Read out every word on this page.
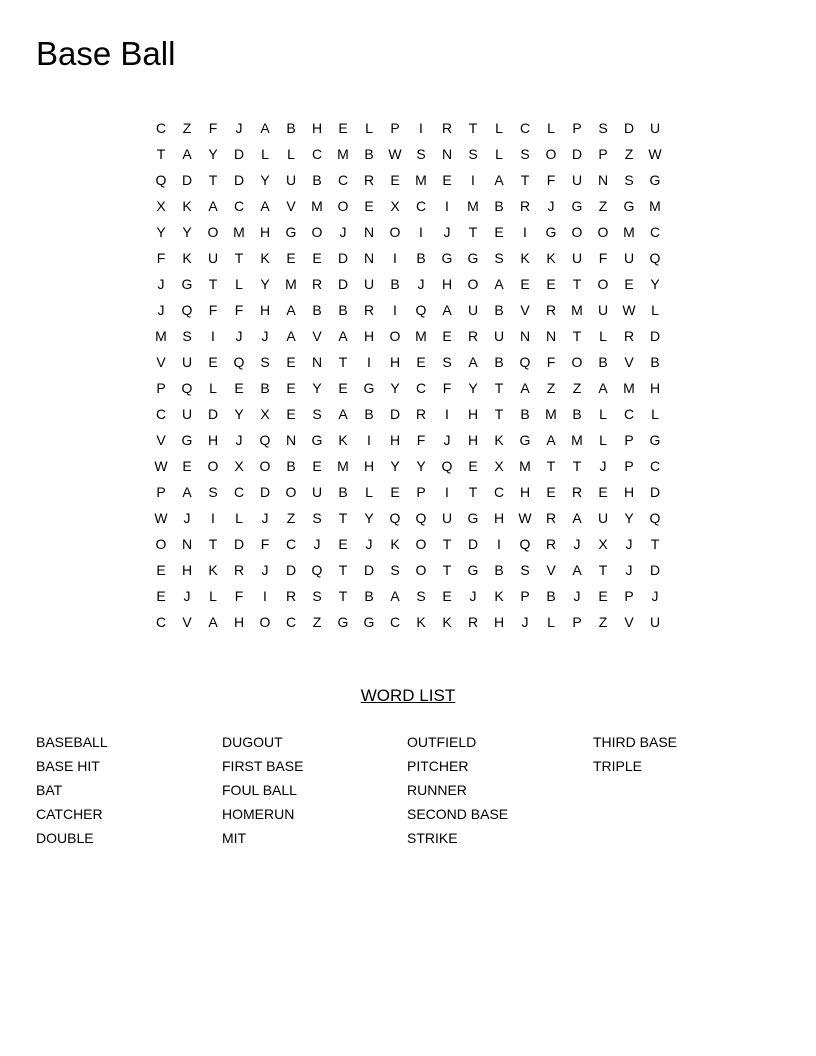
Base Ball
C	Z	F	J	A	B	H	E	L	P	I	R	T	L	C	L	P	S	D	U
T	A	Y	D	L	L	C	M	B	W	S	N	S	L	S	O	D	P	Z	W
Q	D	T	D	Y	U	B	C	R	E	M	E	I	A	T	F	U	N	S	G
X	K	A	C	A	V	M	O	E	X	C	I	M	B	R	J	G	Z	G	M
Y	Y	O	M	H	G	O	J	N	O	I	J	T	E	I	G	O	O	M	C
F	K	U	T	K	E	E	D	N	I	B	G	G	S	K	K	U	F	U	Q
J	G	T	L	Y	M	R	D	U	B	J	H	O	A	E	E	T	O	E	Y
J	Q	F	F	H	A	B	B	R	I	Q	A	U	B	V	R	M	U	W	L
M	S	I	J	J	A	V	A	H	O	M	E	R	U	N	N	T	L	R	D
V	U	E	Q	S	E	N	T	I	H	E	S	A	B	Q	F	O	B	V	B
P	Q	L	E	B	E	Y	E	G	Y	C	F	Y	T	A	Z	Z	A	M	H
C	U	D	Y	X	E	S	A	B	D	R	I	H	T	B	M	B	L	C	L
V	G	H	J	Q	N	G	K	I	H	F	J	H	K	G	A	M	L	P	G
W	E	O	X	O	B	E	M	H	Y	Y	Q	E	X	M	T	T	J	P	C
P	A	S	C	D	O	U	B	L	E	P	I	T	C	H	E	R	E	H	D
W	J	I	L	J	Z	S	T	Y	Q	Q	U	G	H	W	R	A	U	Y	Q
O	N	T	D	F	C	J	E	J	K	O	T	D	I	Q	R	J	X	J	T
E	H	K	R	J	D	Q	T	D	S	O	T	G	B	S	V	A	T	J	D
E	J	L	F	I	R	S	T	B	A	S	E	J	K	P	B	J	E	P	J
C	V	A	H	O	C	Z	G	G	C	K	K	R	H	J	L	P	Z	V	U
WORD LIST
BASEBALL
BASE HIT
BAT
CATCHER
DOUBLE
DUGOUT
FIRST BASE
FOUL BALL
HOMERUN
MIT
OUTFIELD
PITCHER
RUNNER
SECOND BASE
STRIKE
THIRD BASE
TRIPLE
